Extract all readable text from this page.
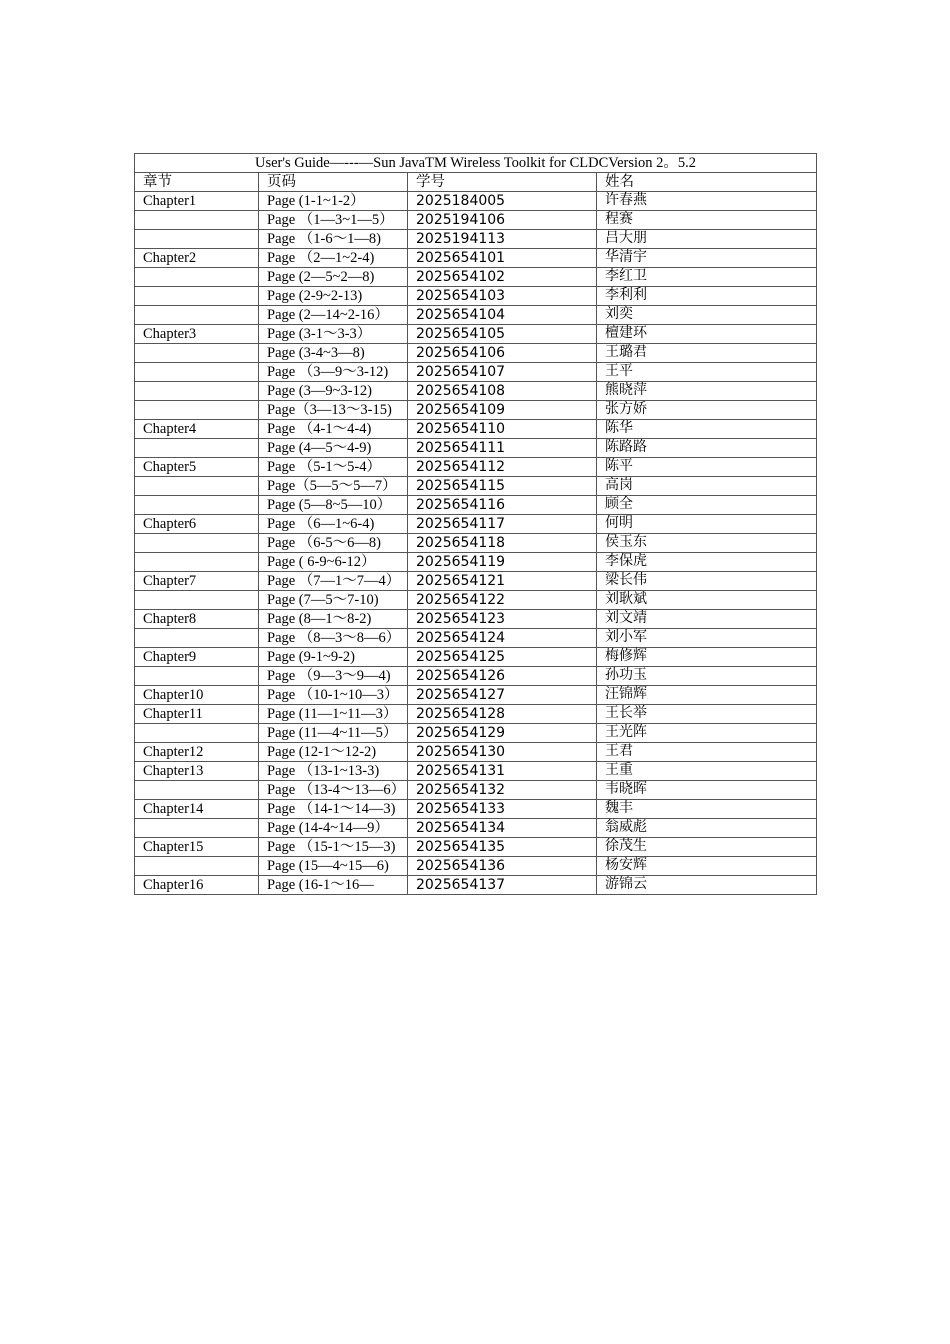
User's Guide—---—Sun JavaTM Wireless Toolkit for CLDCVersion 2。5.2			
章节	页码	学号	姓名
Chapter1	Page (1-1~1-2）	2025184005	许春燕
	Page （1—3~1—5）	2025194106	程赛
	Page （1-6～1—8)	2025194113	吕大朋
Chapter2	Page （2—1~2-4)	2025654101	华清宇
	Page (2—5~2—8)	2025654102	李红卫
	Page (2-9~2-13)	2025654103	李利利
	Page (2—14~2-16）	2025654104	刘奕
Chapter3	Page (3-1～3-3）	2025654105	檀建环
	Page (3-4~3—8)	2025654106	王璐君
	Page （3—9～3-12)	2025654107	王平
	Page (3—9~3-12)	2025654108	熊晓萍
	Page（3—13～3-15)	2025654109	张方娇
Chapter4	Page （4-1～4-4)	2025654110	陈华
	Page (4—5～4-9)	2025654111	陈路路
Chapter5	Page （5-1～5-4）	2025654112	陈平
	Page（5—5～5—7）	2025654115	高岗
	Page (5—8~5—10）	2025654116	顾全
Chapter6	Page （6—1~6-4)	2025654117	何明
	Page （6-5～6—8)	2025654118	侯玉东
	Page ( 6-9~6-12）	2025654119	李保虎
Chapter7	Page （7—1～7—4）	2025654121	梁长伟
	Page (7—5～7-10)	2025654122	刘耿斌
Chapter8	Page (8—1～8-2)	2025654123	刘文靖
	Page （8—3～8—6）	2025654124	刘小军
Chapter9	Page (9-1~9-2)	2025654125	梅修辉
	Page （9—3～9—4)	2025654126	孙功玉
Chapter10	Page （10-1~10—3）	2025654127	汪锦辉
Chapter11	Page (11—1~11—3）	2025654128	王长举
	Page (11—4~11—5）	2025654129	王光阵
Chapter12	Page (12-1～12-2)	2025654130	王君
Chapter13	Page （13-1~13-3)	2025654131	王重
	Page （13-4～13—6）	2025654132	韦晓晖
Chapter14	Page （14-1～14—3)	2025654133	魏丰
	Page (14-4~14—9）	2025654134	翁威彪
Chapter15	Page （15-1～15—3)	2025654135	徐茂生
	Page (15—4~15—6)	2025654136	杨安辉
Chapter16	Page (16-1～16—	2025654137	游锦云
